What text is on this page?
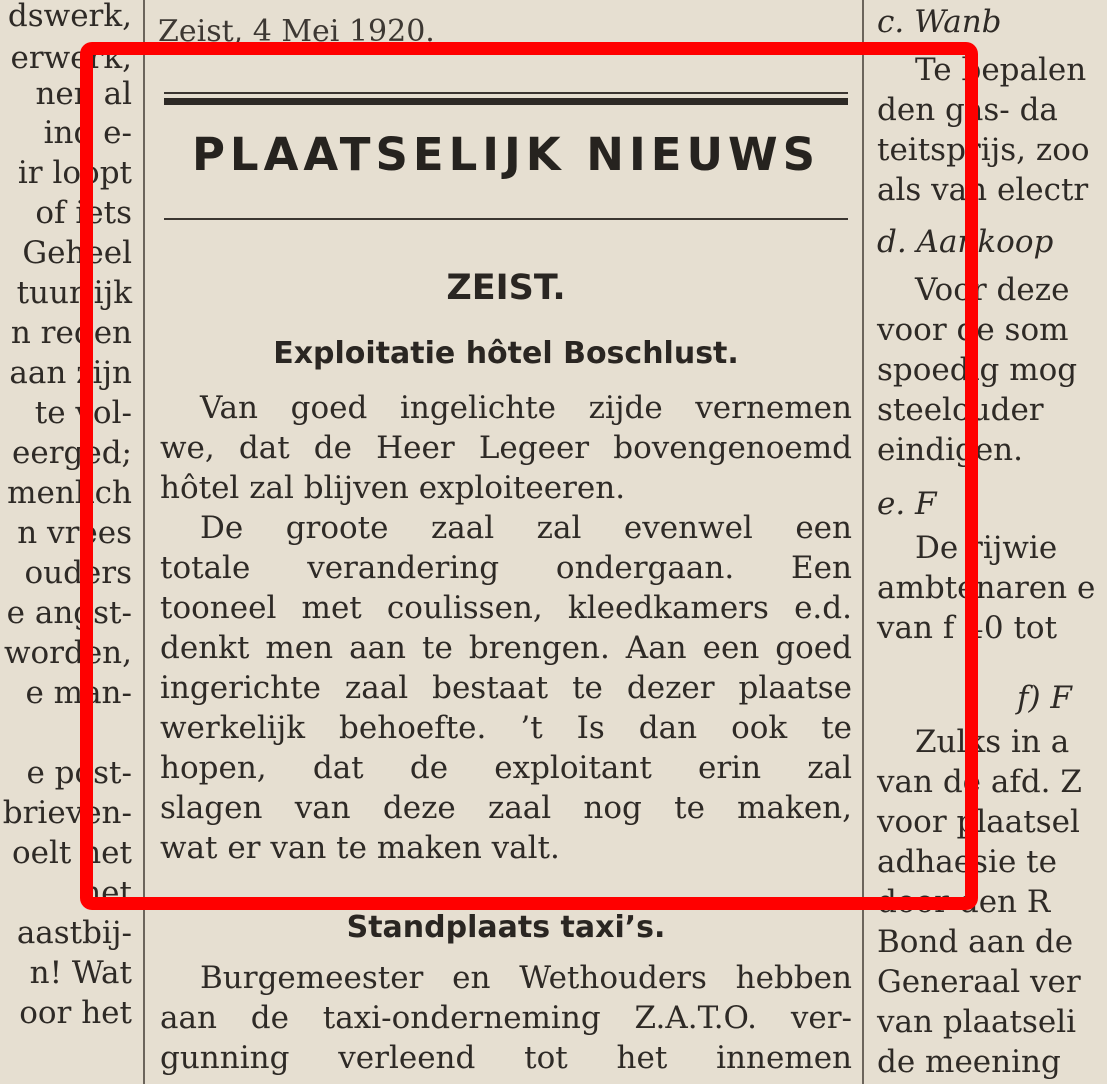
dswerk,
erwerk,
nen al
ind e-
ir loopt
of iets
Geheel
tuurlijk
n reden
aan zijn
te vol-
eerged;
menlich
n vrees
ouders
e angst-
worden,
e man-
e post-
brieven-
oelt het
net
aastbij-
n! Wat
oor het
Zeist, 4 Mei 1920.
PLAATSELIJK NIEUWS
ZEIST.
Exploitatie hôtel Boschlust.
Van goed ingelichte zijde vernemen
we, dat de Heer Legeer bovengenoemd
hôtel zal blijven exploiteeren.
De groote zaal zal evenwel een
totale verandering ondergaan. Een
tooneel met coulissen, kleedkamers e.d.
denkt men aan te brengen. Aan een goed
ingerichte zaal bestaat te dezer plaatse
werkelijk behoefte. ’t Is dan ook te
hopen, dat de exploitant erin zal
slagen van deze zaal nog te maken,
wat er van te maken valt.
Standplaats taxi’s.
Burgemeester en Wethouders hebben
aan de taxi-onderneming Z.A.T.O. ver-
gunning verleend tot het innemen
c. Wanb
Te bepalen
den gas- da
teitsprijs, zoo
als van electr
d. Aankoop
Voor deze
voor de som
spoedig mog
steelouder
eindigen.
e. F
De rijwie
ambtenaren e
van f 40 tot
f) F
Zulks in a
van de afd. Z
voor plaatsel
adhaesie te
door den R
Bond aan de
Generaal ver
van plaatseli
de meening
